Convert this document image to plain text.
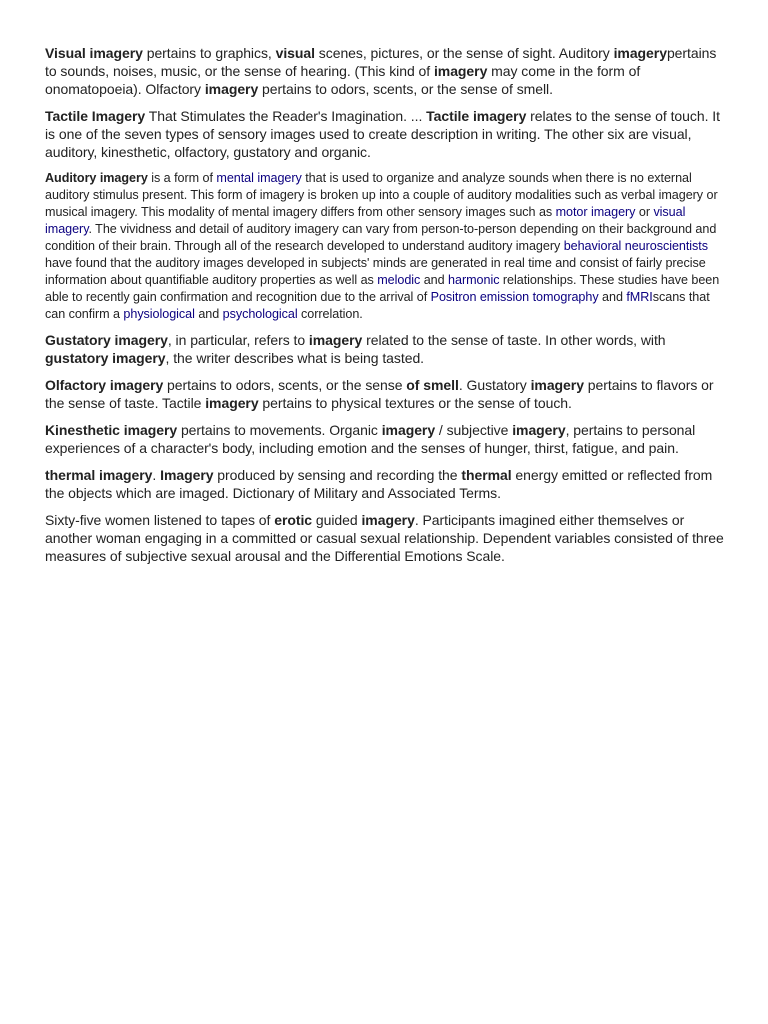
Visual imagery pertains to graphics, visual scenes, pictures, or the sense of sight. Auditory imagerypertains to sounds, noises, music, or the sense of hearing. (This kind of imagery may come in the form of onomatopoeia). Olfactory imagery pertains to odors, scents, or the sense of smell.

Tactile Imagery That Stimulates the Reader's Imagination. ... Tactile imagery relates to the sense of touch. It is one of the seven types of sensory images used to create description in writing. The other six are visual, auditory, kinesthetic, olfactory, gustatory and organic.

Auditory imagery is a form of mental imagery that is used to organize and analyze sounds when there is no external auditory stimulus present. This form of imagery is broken up into a couple of auditory modalities such as verbal imagery or musical imagery. This modality of mental imagery differs from other sensory images such as motor imagery or visual imagery. The vividness and detail of auditory imagery can vary from person-to-person depending on their background and condition of their brain. Through all of the research developed to understand auditory imagery behavioral neuroscientists have found that the auditory images developed in subjects' minds are generated in real time and consist of fairly precise information about quantifiable auditory properties as well as melodic and harmonic relationships. These studies have been able to recently gain confirmation and recognition due to the arrival of Positron emission tomography and fMRIscans that can confirm a physiological and psychological correlation.

Gustatory imagery, in particular, refers to imagery related to the sense of taste. In other words, with gustatory imagery, the writer describes what is being tasted.

Olfactory imagery pertains to odors, scents, or the sense of smell. Gustatory imagery pertains to flavors or the sense of taste. Tactile imagery pertains to physical textures or the sense of touch.

Kinesthetic imagery pertains to movements. Organic imagery / subjective imagery, pertains to personal experiences of a character's body, including emotion and the senses of hunger, thirst, fatigue, and pain.

thermal imagery. Imagery produced by sensing and recording the thermal energy emitted or reflected from the objects which are imaged. Dictionary of Military and Associated Terms.

Sixty-five women listened to tapes of erotic guided imagery. Participants imagined either themselves or another woman engaging in a committed or casual sexual relationship. Dependent variables consisted of three measures of subjective sexual arousal and the Differential Emotions Scale.
